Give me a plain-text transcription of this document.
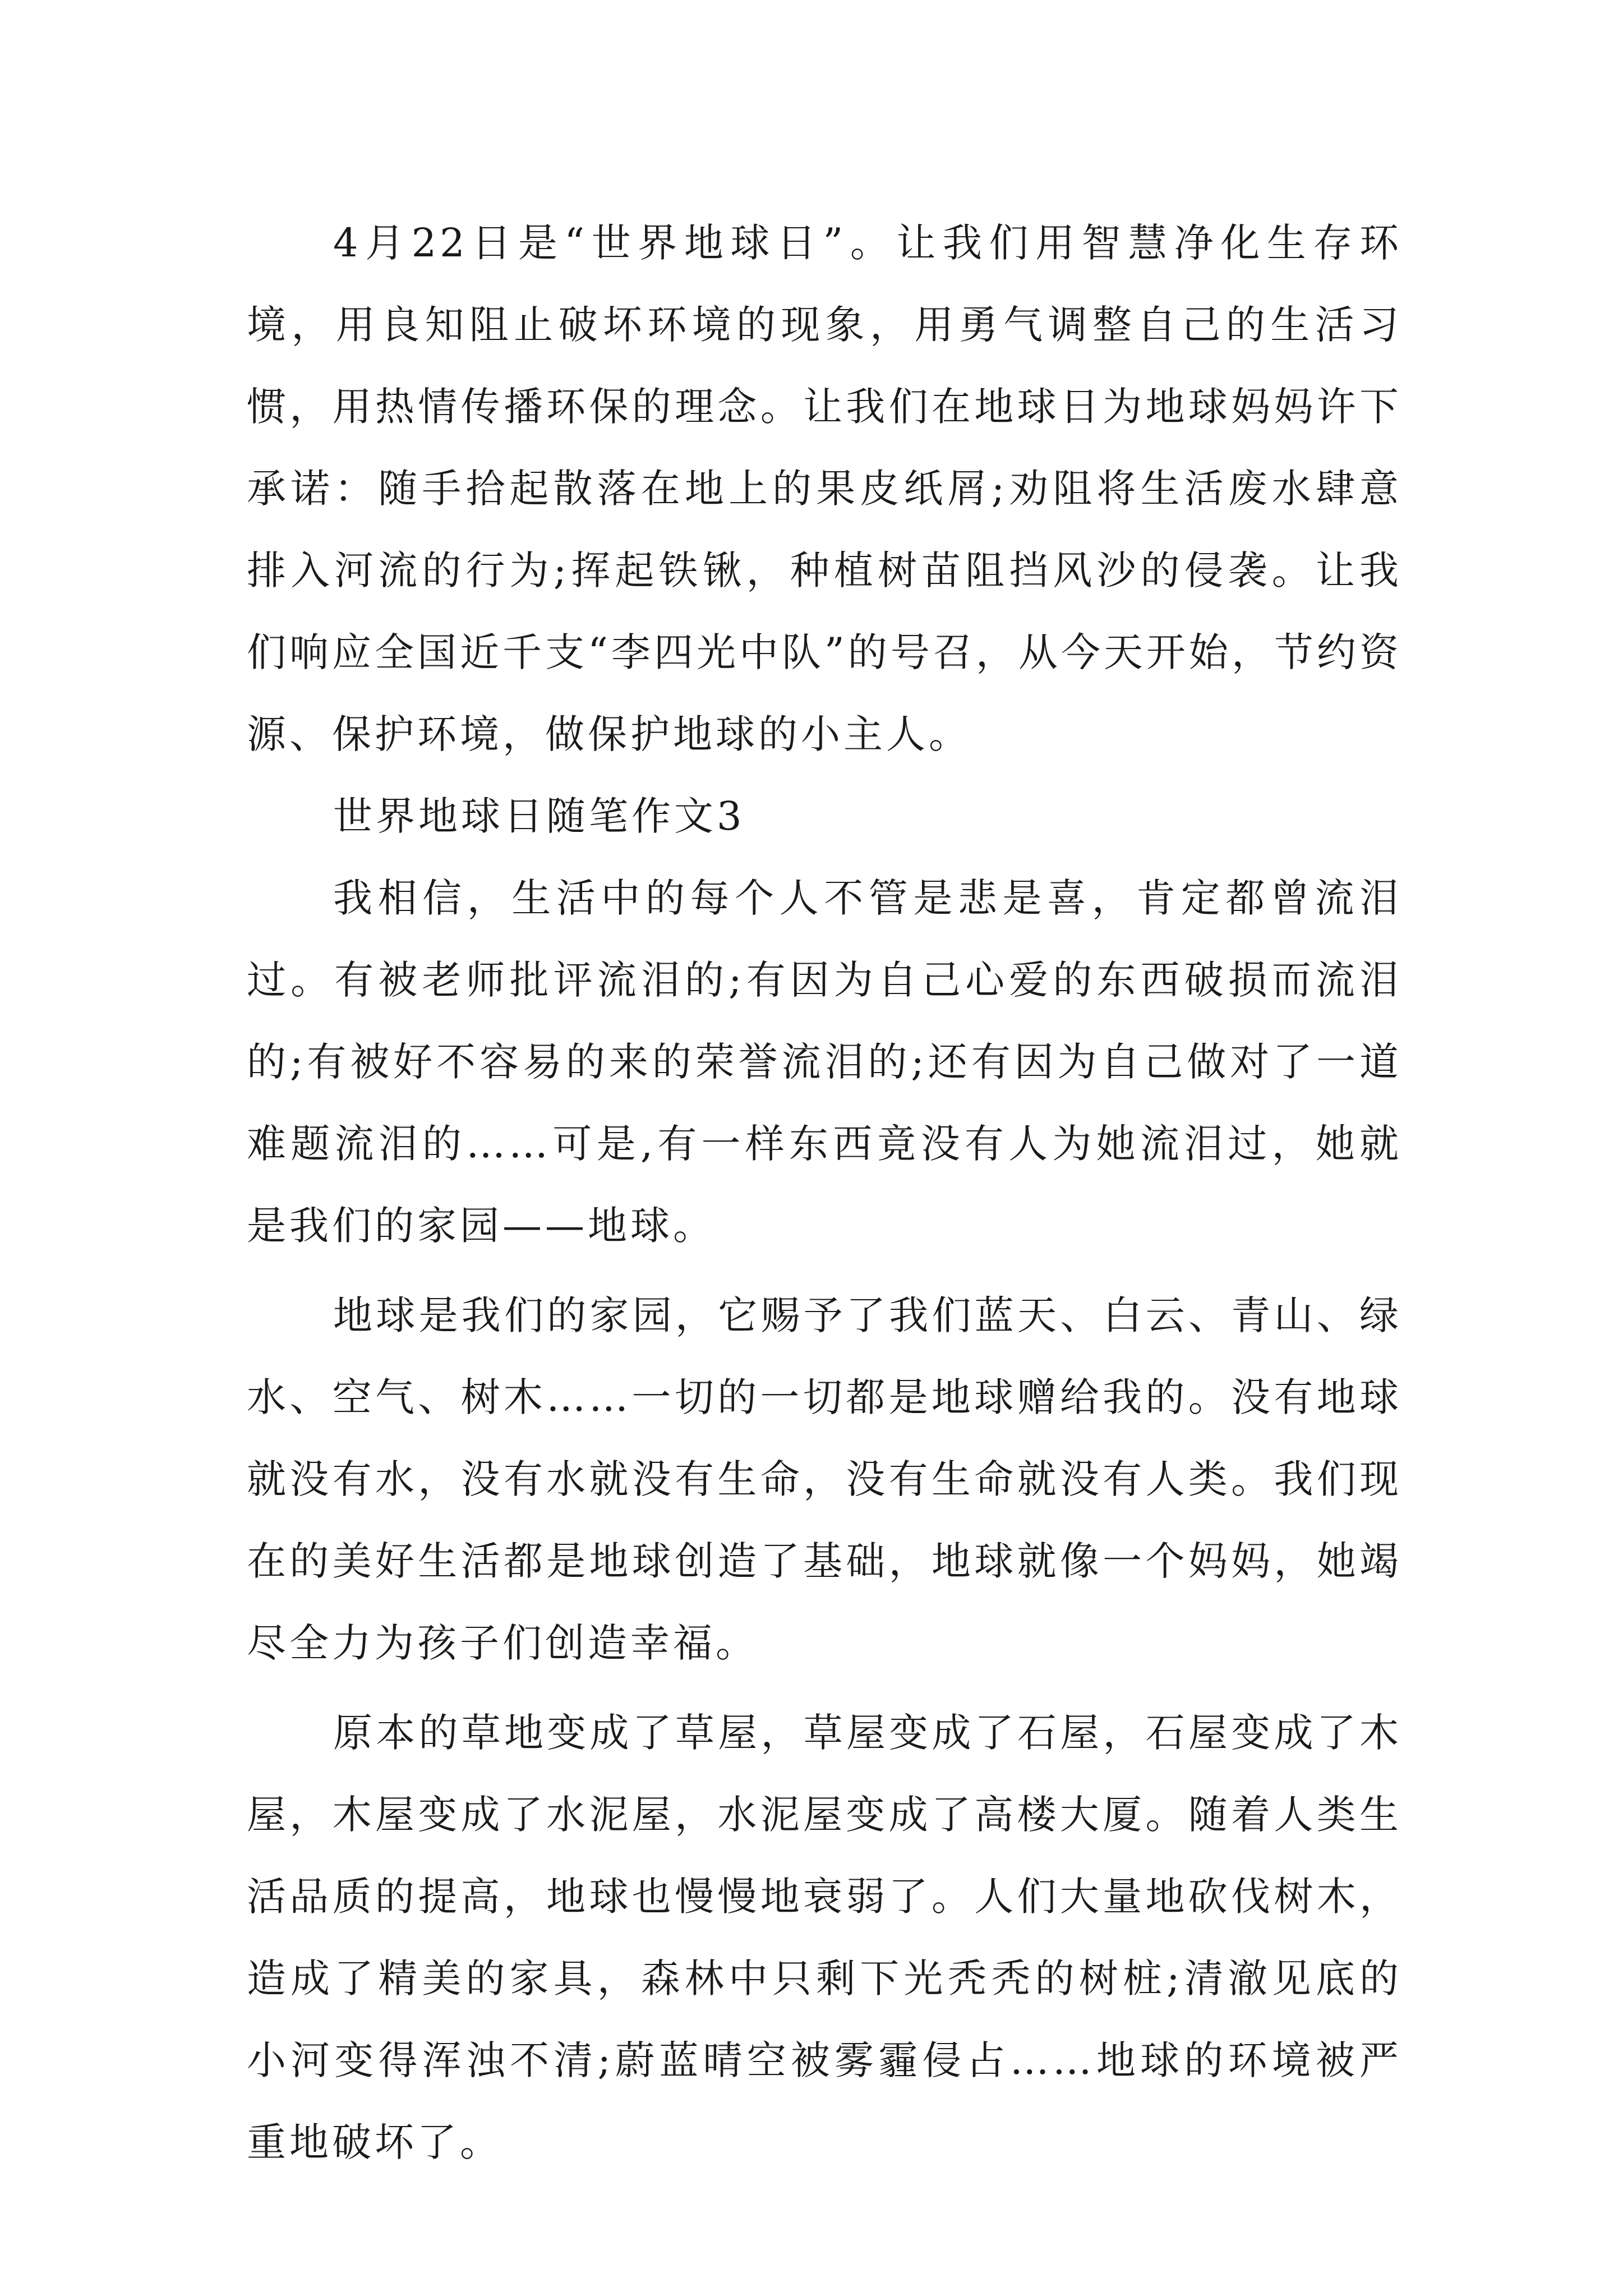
4月22日是“世界地球日”。让我们用智慧净化生存环境，用良知阻止破坏环境的现象，用勇气调整自己的生活习惯，用热情传播环保的理念。让我们在地球日为地球妈妈许下承诺：随手拾起散落在地上的果皮纸屑;劝阻将生活废水肆意排入河流的行为;挥起铁锹，种植树苗阻挡风沙的侵袭。让我们响应全国近千支“李四光中队”的号召，从今天开始，节约资源、保护环境，做保护地球的小主人。

世界地球日随笔作文3

我相信，生活中的每个人不管是悲是喜，肯定都曾流泪过。有被老师批评流泪的;有因为自己心爱的东西破损而流泪的;有被好不容易的来的荣誉流泪的;还有因为自己做对了一道难题流泪的……可是,有一样东西竟没有人为她流泪过，她就是我们的家园——地球。

地球是我们的家园，它赐予了我们蓝天、白云、青山、绿水、空气、树木……一切的一切都是地球赠给我的。没有地球就没有水，没有水就没有生命，没有生命就没有人类。我们现在的美好生活都是地球创造了基础，地球就像一个妈妈，她竭尽全力为孩子们创造幸福。

原本的草地变成了草屋，草屋变成了石屋，石屋变成了木屋，木屋变成了水泥屋，水泥屋变成了高楼大厦。随着人类生活品质的提高，地球也慢慢地衰弱了。人们大量地砍伐树木，造成了精美的家具，森林中只剩下光秃秃的树桩;清澈见底的小河变得浑浊不清;蔚蓝晴空被雾霾侵占……地球的环境被严重地破坏了。
